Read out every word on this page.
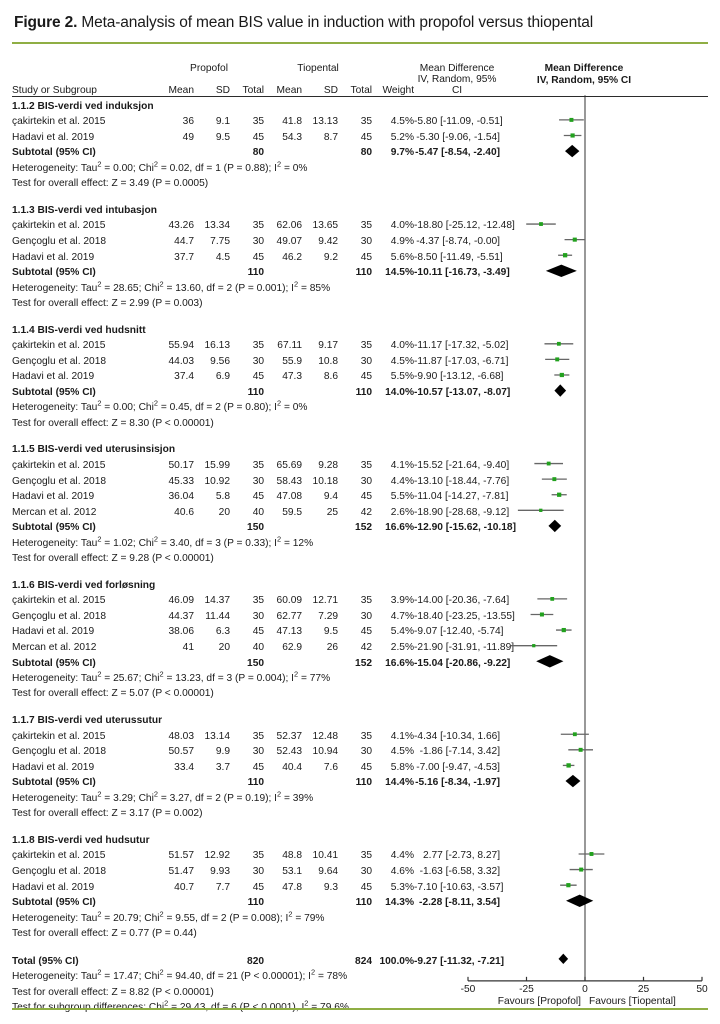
Figure 2. Meta-analysis of mean BIS value in induction with propofol versus thiopental
	Propofol			Tiopental				Mean Difference
Study or Subgroup	Mean	SD	Total	Mean	SD	Total	Weight	IV, Random, 95% CI

1.1.2 BIS-verdi ved induksjon								
çakirtekin et al. 2015	36	9.1	35	41.8	13.13	35	4.5%	-5.80 [-11.09, -0.51]
Hadavi et al. 2019	49	9.5	45	54.3	8.7	45	5.2%	-5.30 [-9.06, -1.54]
Subtotal (95% CI)			80			80	9.7%	-5.47 [-8.54, -2.40]
Heterogeneity: Tau$^2$ = 0.00; Chi$^2$ = 0.02, df = 1 (P = 0.88); $I^2 = 0\%$								
Test for overall effect: Z = 3.49 (P = 0.0005)								

1.1.3 BIS-verdi ved intubasjon								
çakirtekin et al. 2015	43.26	13.34	35	62.06	13.65	35	4.0%	-18.80 [-25.12, -12.48]
Gençoglu et al. 2018	44.7	7.75	30	49.07	9.42	30	4.9%	-4.37 [-8.74, -0.00]
Hadavi et al. 2019	37.7	4.5	45	46.2	9.2	45	5.6%	-8.50 [-11.49, -5.51]
Subtotal (95% CI)			110			110	14.5%	-10.11 [-16.73, -3.49]
Heterogeneity: Tau$^2$ = 28.65; Chi$^2$ = 13.60, df = 2 (P = 0.001); $I^2 = 85\%$								
Test for overall effect: Z = 2.99 (P = 0.003)								

1.1.4 BIS-verdi ved hudsnitt								
çakirtekin et al. 2015	55.94	16.13	35	67.11	9.17	35	4.0%	-11.17 [-17.32, -5.02]
Gençoglu et al. 2018	44.03	9.56	30	55.9	10.8	30	4.5%	-11.87 [-17.03, -6.71]
Hadavi et al. 2019	37.4	6.9	45	47.3	8.6	45	5.5%	-9.90 [-13.12, -6.68]
Subtotal (95% CI)			110			110	14.0%	-10.57 [-13.07, -8.07]
Heterogeneity: Tau$^2$ = 0.00; Chi$^2$ = 0.45, df = 2 (P = 0.80); $I^2 = 0\%$								
Test for overall effect: Z = 8.30 (P < 0.00001)								

1.1.5 BIS-verdi ved uterusinsisjon								
çakirtekin et al. 2015	50.17	15.99	35	65.69	9.28	35	4.1%	-15.52 [-21.64, -9.40]
Gençoglu et al. 2018	45.33	10.92	30	58.43	10.18	30	4.4%	-13.10 [-18.44, -7.76]
Hadavi et al. 2019	36.04	5.8	45	47.08	9.4	45	5.5%	-11.04 [-14.27, -7.81]
Mercan et al. 2012	40.6	20	40	59.5	25	42	2.6%	-18.90 [-28.68, -9.12]
Subtotal (95% CI)			150			152	16.6%	-12.90 [-15.62, -10.18]
Heterogeneity: Tau$^2$ = 1.02; Chi$^2$ = 3.40, df = 3 (P = 0.33); $I^2 = 12\%$								
Test for overall effect: Z = 9.28 (P < 0.00001)								

1.1.6 BIS-verdi ved forløsning								
çakirtekin et al. 2015	46.09	14.37	35	60.09	12.71	35	3.9%	-14.00 [-20.36, -7.64]
Gençoglu et al. 2018	44.37	11.44	30	62.77	7.29	30	4.7%	-18.40 [-23.25, -13.55]
Hadavi et al. 2019	38.06	6.3	45	47.13	9.5	45	5.4%	-9.07 [-12.40, -5.74]
Mercan et al. 2012	41	20	40	62.9	26	42	2.5%	-21.90 [-31.91, -11.89]
Subtotal (95% CI)			150			152	16.6%	-15.04 [-20.86, -9.22]
Heterogeneity: Tau$^2$ = 25.67; Chi$^2$ = 13.23, df = 3 (P = 0.004); $I^2 = 77\%$								
Test for overall effect: Z = 5.07 (P < 0.00001)								

1.1.7 BIS-verdi ved uterussutur								
çakirtekin et al. 2015	48.03	13.14	35	52.37	12.48	35	4.1%	-4.34 [-10.34, 1.66]
Gençoglu et al. 2018	50.57	9.9	30	52.43	10.94	30	4.5%	-1.86 [-7.14, 3.42]
Hadavi et al. 2019	33.4	3.7	45	40.4	7.6	45	5.8%	-7.00 [-9.47, -4.53]
Subtotal (95% CI)			110			110	14.4%	-5.16 [-8.34, -1.97]
Heterogeneity: Tau$^2$ = 3.29; Chi$^2$ = 3.27, df = 2 (P = 0.19); $I^2 = 39\%$								
Test for overall effect: Z = 3.17 (P = 0.002)								

1.1.8 BIS-verdi ved hudsutur								
çakirtekin et al. 2015	51.57	12.92	35	48.8	10.41	35	4.4%	2.77 [-2.73, 8.27]
Gençoglu et al. 2018	51.47	9.93	30	53.1	9.64	30	4.6%	-1.63 [-6.58, 3.32]
Hadavi et al. 2019	40.7	7.7	45	47.8	9.3	45	5.3%	-7.10 [-10.63, -3.57]
Subtotal (95% CI)			110			110	14.3%	-2.28 [-8.11, 3.54]
Heterogeneity: Tau$^2$ = 20.79; Chi$^2$ = 9.55, df = 2 (P = 0.008); $I^2 = 79\%$								
Test for overall effect: Z = 0.77 (P = 0.44)								

Total (95% CI)			820			824	100.0%	-9.27 [-11.32, -7.21]
Heterogeneity: Tau$^2$ = 17.47; Chi$^2$ = 94.40, df = 21 (P < 0.00001); $I^2 = 78\%$								
Test for overall effect: Z = 8.82 (P < 0.00001)								
$^2$ $^2$
-50	-25	0	25	50
Favours [Propofol] Favours [Tiopental]
Mean Difference
IV, Random, 95% CI
